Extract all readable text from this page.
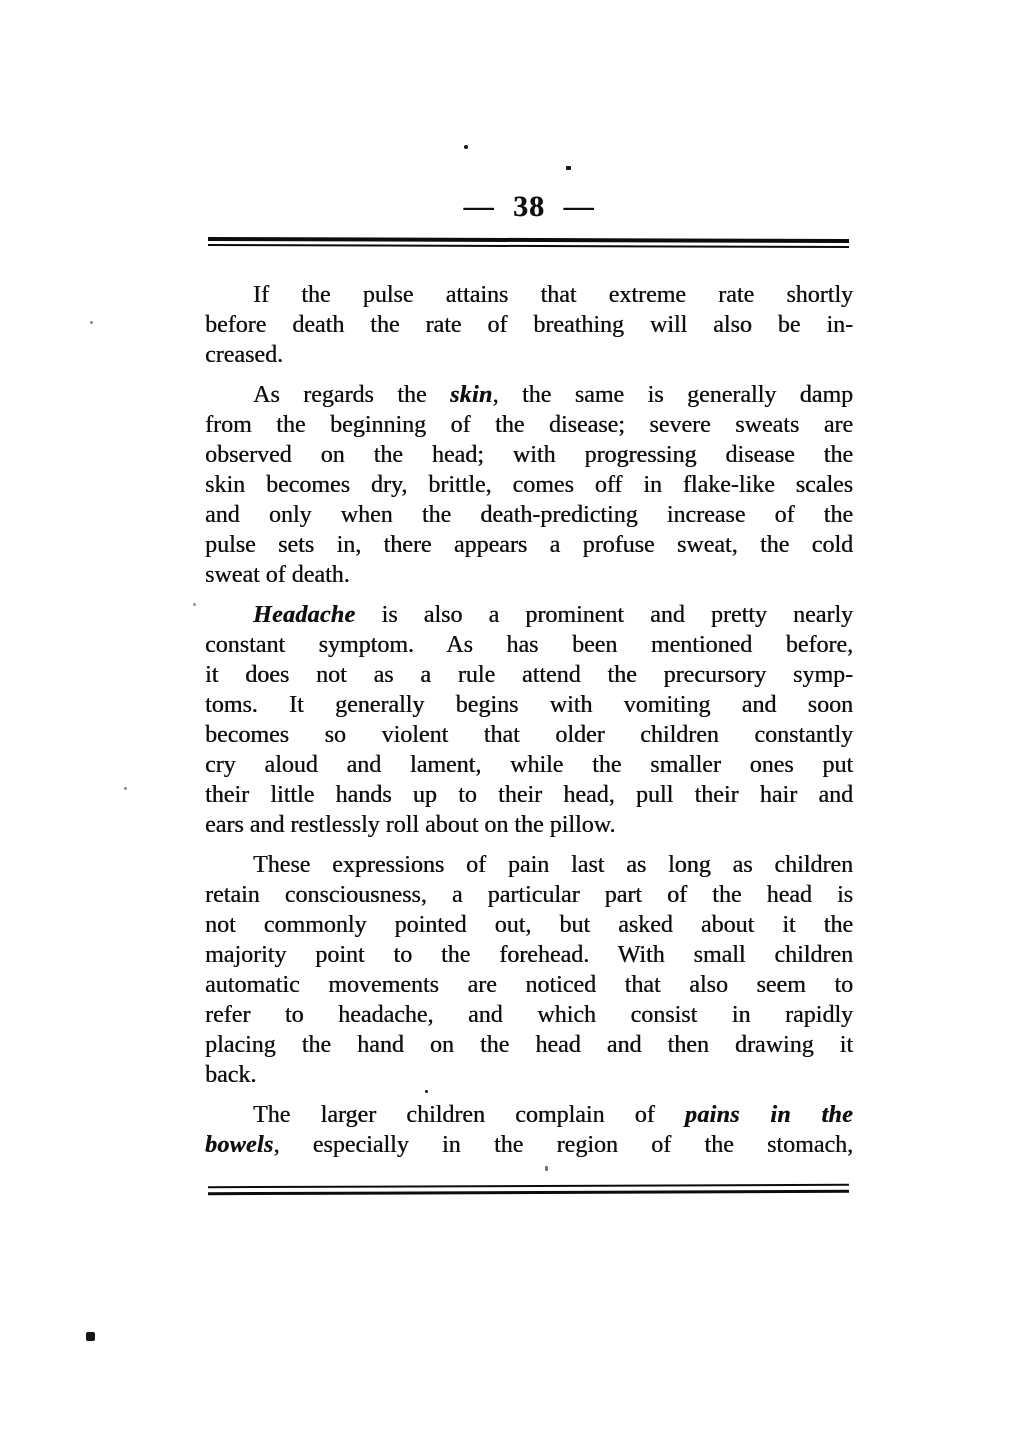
— 38 —
If the pulse attains that extreme rate shortly
before death the rate of breathing will also be in-
creased.
As regards the skin, the same is generally damp
from the beginning of the disease; severe sweats are
observed on the head; with progressing disease the
skin becomes dry, brittle, comes off in flake-like scales
and only when the death-predicting increase of the
pulse sets in, there appears a profuse sweat, the cold
sweat of death.
Headache is also a prominent and pretty nearly
constant symptom. As has been mentioned before,
it does not as a rule attend the precursory symp-
toms. It generally begins with vomiting and soon
becomes so violent that older children constantly
cry aloud and lament, while the smaller ones put
their little hands up to their head, pull their hair and
ears and restlessly roll about on the pillow.
These expressions of pain last as long as children
retain consciousness, a particular part of the head is
not commonly pointed out, but asked about it the
majority point to the forehead. With small children
automatic movements are noticed that also seem to
refer to headache, and which consist in rapidly
placing the hand on the head and then drawing it
back.
The larger children complain of pains in the
bowels, especially in the region of the stomach,
